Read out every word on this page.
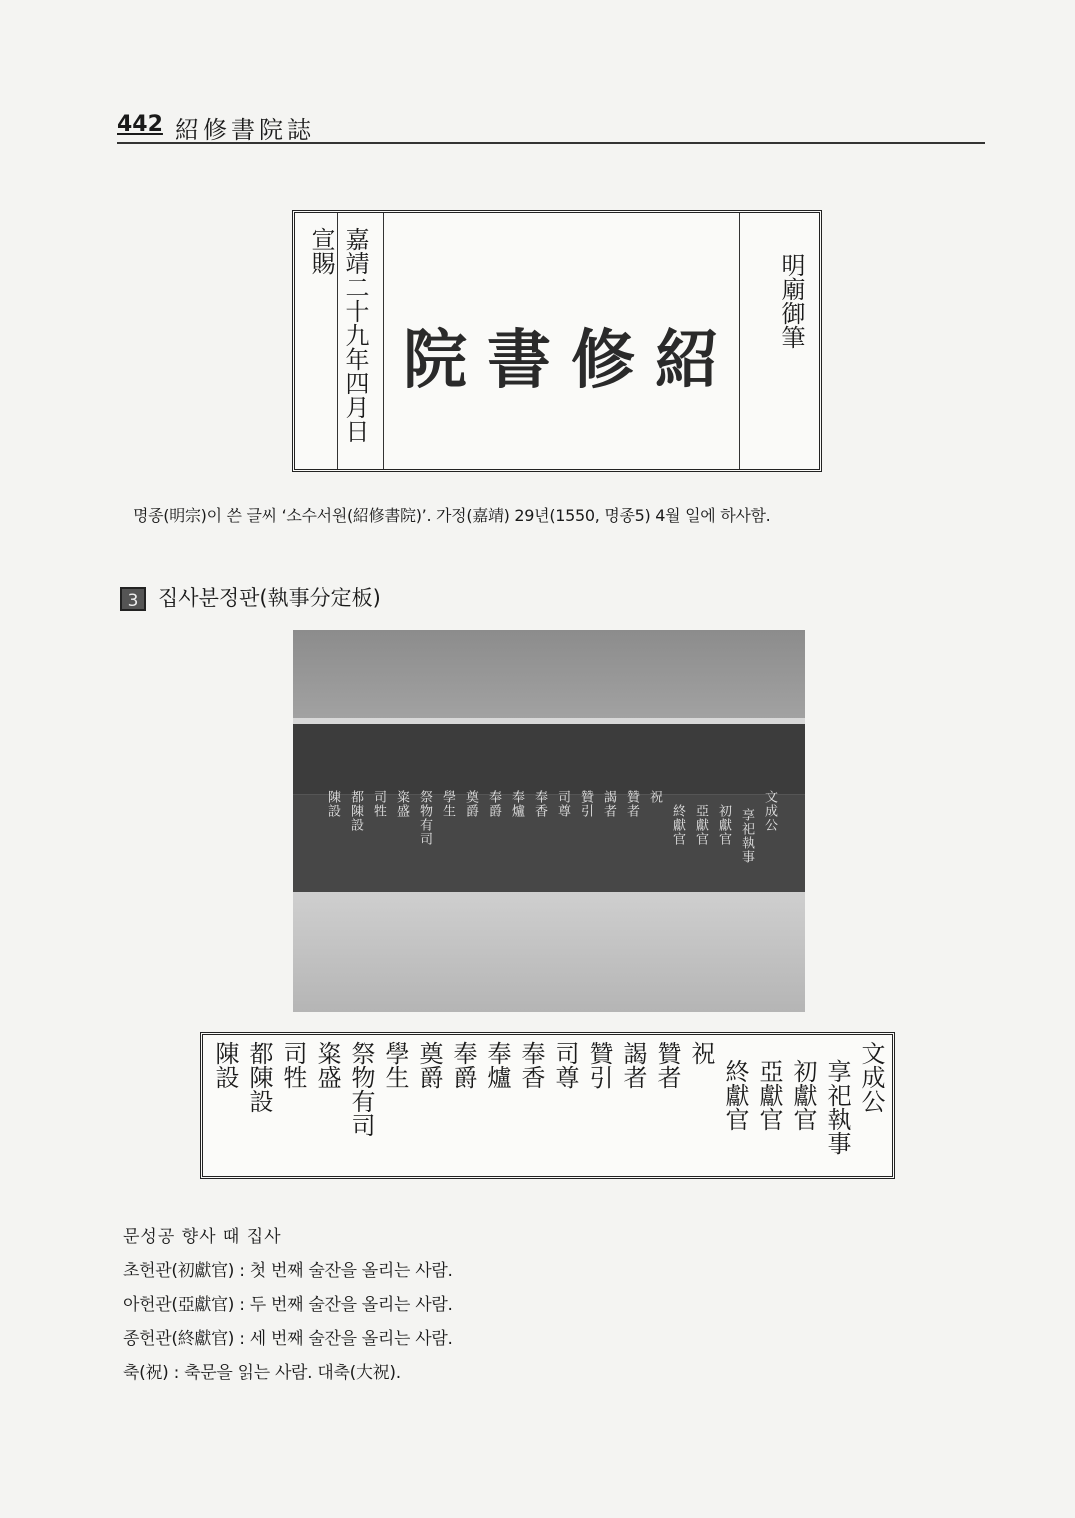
442 紹修書院誌
宣賜 嘉靖二十九年四月日 院書修紹
明廟御筆
명종(明宗)이 쓴 글씨 ‘소수서원(紹修書院)’. 가정(嘉靖) 29년(1550, 명종5) 4월 일에 하사함.
3 집사분정판(執事分定板)
文成公
享祀執事
初獻官
亞獻官
終獻官
祝
贊者
謁者
贊引
司尊
奉香
奉爐
奉爵
奠爵
學生
祭物有司
粢盛
司牲
都陳設
陳設
文成公
享祀執事
初獻官
亞獻官
終獻官
祝
贊者
謁者
贊引
司尊
奉香
奉爐
奉爵
奠爵
學生
祭物有司
粢盛
司牲
都陳設
陳設
문성공 향사 때 집사
초헌관(初獻官) : 첫 번째 술잔을 올리는 사람.
아헌관(亞獻官) : 두 번째 술잔을 올리는 사람.
종헌관(終獻官) : 세 번째 술잔을 올리는 사람.
축(祝) : 축문을 읽는 사람. 대축(大祝).
